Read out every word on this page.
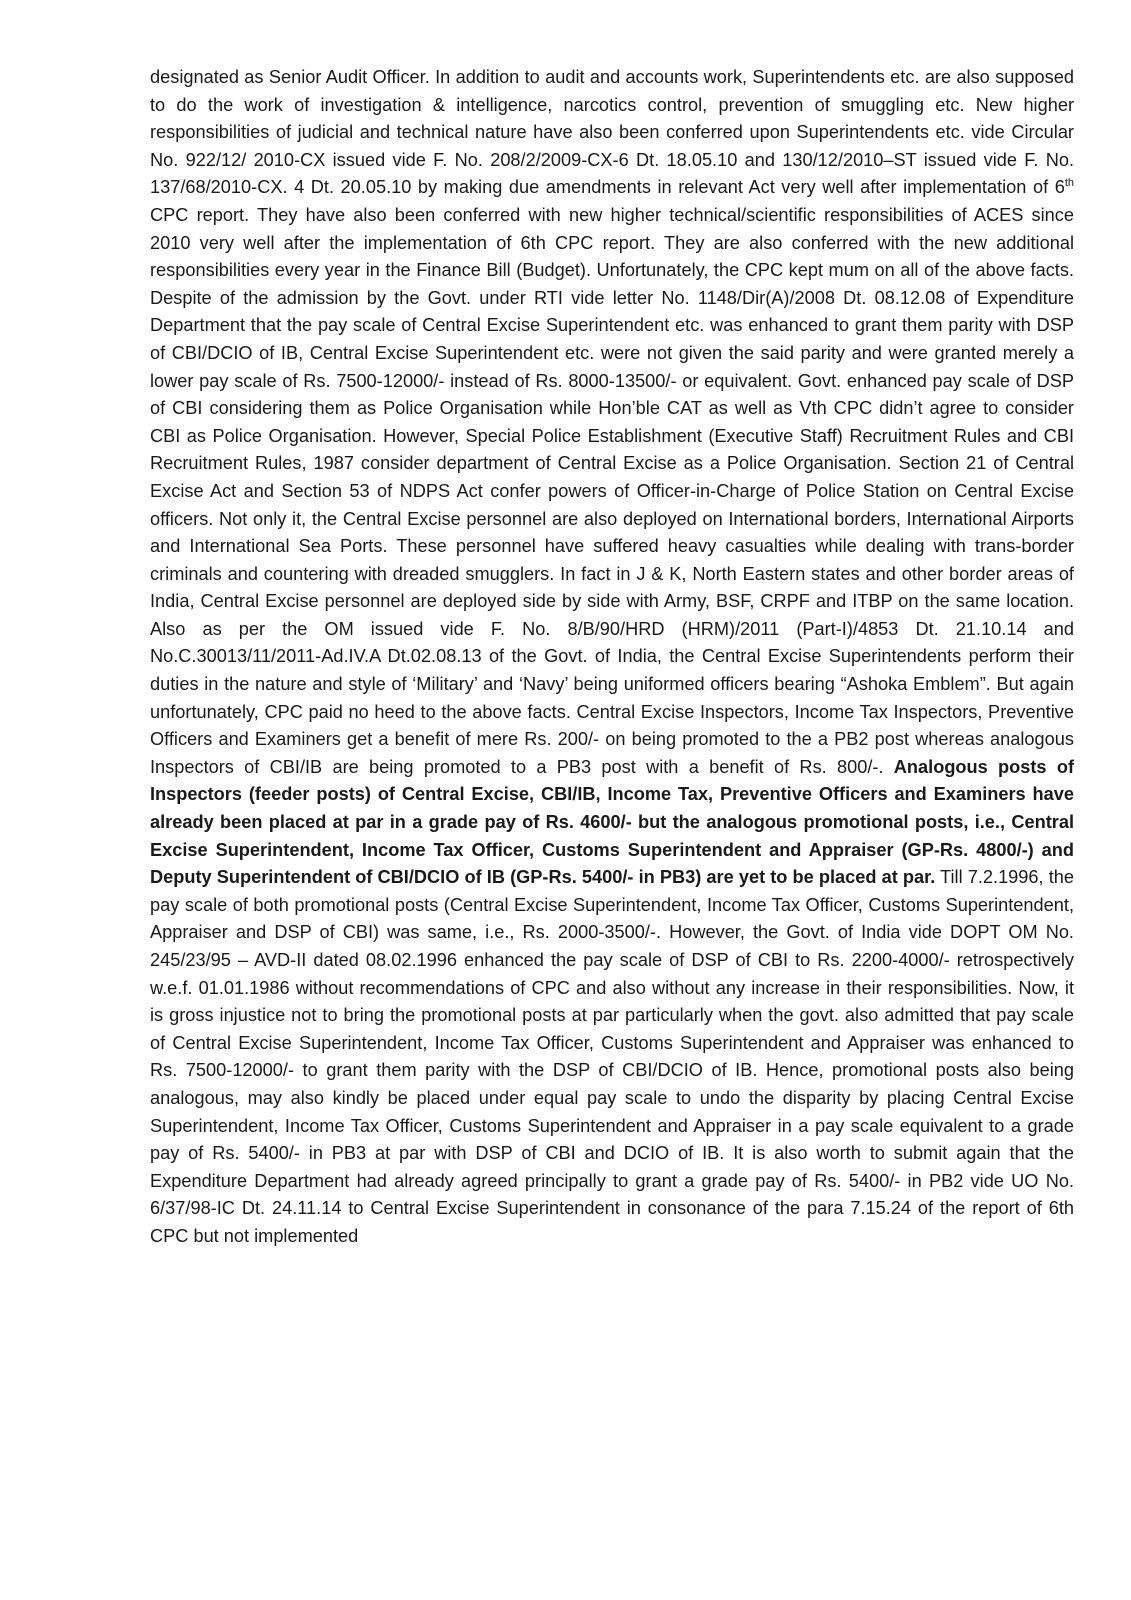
designated as Senior Audit Officer. In addition to audit and accounts work, Superintendents etc. are also supposed to do the work of investigation & intelligence, narcotics control, prevention of smuggling etc. New higher responsibilities of judicial and technical nature have also been conferred upon Superintendents etc. vide Circular No. 922/12/ 2010-CX issued vide F. No. 208/2/2009-CX-6 Dt. 18.05.10 and 130/12/2010–ST issued vide F. No. 137/68/2010-CX. 4 Dt. 20.05.10 by making due amendments in relevant Act very well after implementation of 6th CPC report. They have also been conferred with new higher technical/scientific responsibilities of ACES since 2010 very well after the implementation of 6th CPC report. They are also conferred with the new additional responsibilities every year in the Finance Bill (Budget). Unfortunately, the CPC kept mum on all of the above facts. Despite of the admission by the Govt. under RTI vide letter No. 1148/Dir(A)/2008 Dt. 08.12.08 of Expenditure Department that the pay scale of Central Excise Superintendent etc. was enhanced to grant them parity with DSP of CBI/DCIO of IB, Central Excise Superintendent etc. were not given the said parity and were granted merely a lower pay scale of Rs. 7500-12000/- instead of Rs. 8000-13500/- or equivalent. Govt. enhanced pay scale of DSP of CBI considering them as Police Organisation while Hon’ble CAT as well as Vth CPC didn’t agree to consider CBI as Police Organisation. However, Special Police Establishment (Executive Staff) Recruitment Rules and CBI Recruitment Rules, 1987 consider department of Central Excise as a Police Organisation. Section 21 of Central Excise Act and Section 53 of NDPS Act confer powers of Officer-in-Charge of Police Station on Central Excise officers. Not only it, the Central Excise personnel are also deployed on International borders, International Airports and International Sea Ports. These personnel have suffered heavy casualties while dealing with trans-border criminals and countering with dreaded smugglers. In fact in J & K, North Eastern states and other border areas of India, Central Excise personnel are deployed side by side with Army, BSF, CRPF and ITBP on the same location. Also as per the OM issued vide F. No. 8/B/90/HRD (HRM)/2011 (Part-I)/4853 Dt. 21.10.14 and No.C.30013/11/2011-Ad.IV.A Dt.02.08.13 of the Govt. of India, the Central Excise Superintendents perform their duties in the nature and style of ‘Military’ and ‘Navy’ being uniformed officers bearing “Ashoka Emblem”. But again unfortunately, CPC paid no heed to the above facts. Central Excise Inspectors, Income Tax Inspectors, Preventive Officers and Examiners get a benefit of mere Rs. 200/- on being promoted to the a PB2 post whereas analogous Inspectors of CBI/IB are being promoted to a PB3 post with a benefit of Rs. 800/-. Analogous posts of Inspectors (feeder posts) of Central Excise, CBI/IB, Income Tax, Preventive Officers and Examiners have already been placed at par in a grade pay of Rs. 4600/- but the analogous promotional posts, i.e., Central Excise Superintendent, Income Tax Officer, Customs Superintendent and Appraiser (GP-Rs. 4800/-) and Deputy Superintendent of CBI/DCIO of IB (GP-Rs. 5400/- in PB3) are yet to be placed at par. Till 7.2.1996, the pay scale of both promotional posts (Central Excise Superintendent, Income Tax Officer, Customs Superintendent, Appraiser and DSP of CBI) was same, i.e., Rs. 2000-3500/-. However, the Govt. of India vide DOPT OM No. 245/23/95 – AVD-II dated 08.02.1996 enhanced the pay scale of DSP of CBI to Rs. 2200-4000/- retrospectively w.e.f. 01.01.1986 without recommendations of CPC and also without any increase in their responsibilities. Now, it is gross injustice not to bring the promotional posts at par particularly when the govt. also admitted that pay scale of Central Excise Superintendent, Income Tax Officer, Customs Superintendent and Appraiser was enhanced to Rs. 7500-12000/- to grant them parity with the DSP of CBI/DCIO of IB. Hence, promotional posts also being analogous, may also kindly be placed under equal pay scale to undo the disparity by placing Central Excise Superintendent, Income Tax Officer, Customs Superintendent and Appraiser in a pay scale equivalent to a grade pay of Rs. 5400/- in PB3 at par with DSP of CBI and DCIO of IB. It is also worth to submit again that the Expenditure Department had already agreed principally to grant a grade pay of Rs. 5400/- in PB2 vide UO No. 6/37/98-IC Dt. 24.11.14 to Central Excise Superintendent in consonance of the para 7.15.24 of the report of 6th CPC but not implemented
